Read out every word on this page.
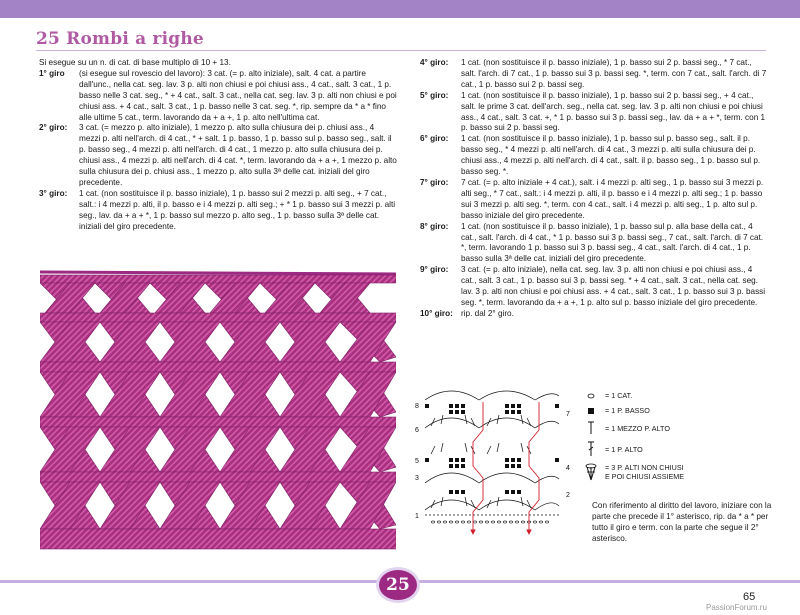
25 Rombi a righe
Si esegue su un n. di cat. di base multiplo di 10 + 13.
1° giro	(si esegue sul rovescio del lavoro): 3 cat. (= p. alto iniziale), salt. 4 cat. a partire dall'unc., nella cat. seg. lav. 3 p. alti non chiusi e poi chiusi ass., 4 cat., salt. 3 cat., 1 p. basso nelle 3 cat. seg., * + 4 cat., salt. 3 cat., nella cat. seg. lav. 3 p. alti non chiusi e poi chiusi ass. + 4 cat., salt. 3 cat., 1 p. basso nelle 3 cat. seg. *, rip. sempre da * a * fino alle ultime 5 cat., term. lavorando da + a +, 1 p. alto nell'ultima cat.
2° giro:	3 cat. (= mezzo p. alto iniziale), 1 mezzo p. alto sulla chiusura dei p. chiusi ass., 4 mezzi p. alti nell'arch. di 4 cat., * + salt. 1 p. basso, 1 p. basso sul p. basso seg., salt. il p. basso seg., 4 mezzi p. alti nell'arch. di 4 cat., 1 mezzo p. alto sulla chiusura dei p. chiusi ass., 4 mezzi p. alti nell'arch. di 4 cat. *, term. lavorando da + a +, 1 mezzo p. alto sulla chiusura dei p. chiusi ass., 1 mezzo p. alto sulla 3ª delle cat. iniziali del giro precedente.
3° giro:	1 cat. (non sostituisce il p. basso iniziale), 1 p. basso sui 2 mezzi p. alti seg., + 7 cat., salt.: i 4 mezzi p. alti, il p. basso e i 4 mezzi p. alti seg.; + * 1 p. basso sui 3 mezzi p. alti seg., lav. da + a + *, 1 p. basso sul mezzo p. alto seg., 1 p. basso sulla 3ª delle cat. iniziali del giro precedente.
4° giro:	1 cat. (non sostituisce il p. basso iniziale), 1 p. basso sui 2 p. bassi seg., * 7 cat., salt. l'arch. di 7 cat., 1 p. basso sui 3 p. bassi seg. *, term. con 7 cat., salt. l'arch. di 7 cat., 1 p. basso sui 2 p. bassi seg.
5° giro:	1 cat. (non sostituisce il p. basso iniziale), 1 p. basso sui 2 p. bassi seg., + 4 cat., salt. le prime 3 cat. dell'arch. seg., nella cat. seg. lav. 3 p. alti non chiusi e poi chiusi ass., 4 cat., salt. 3 cat. +, * 1 p. basso sui 3 p. bassi seg., lav. da + a + *, term. con 1 p. basso sui 2 p. bassi seg.
6° giro:	1 cat. (non sostituisce il p. basso iniziale), 1 p. basso sul p. basso seg., salt. il p. basso seg., * 4 mezzi p. alti nell'arch. di 4 cat., 3 mezzi p. alti sulla chiusura dei p. chiusi ass., 4 mezzi p. alti nell'arch. di 4 cat., salt. il p. basso seg., 1 p. basso sul p. basso seg. *.
7° giro:	7 cat. (= p. alto iniziale + 4 cat.), salt. i 4 mezzi p. alti seg., 1 p. basso sui 3 mezzi p. alti seg., * 7 cat., salt.: i 4 mezzi p. alti, il p. basso e i 4 mezzi p. alti seg.; 1 p. basso sui 3 mezzi p. alti seg. *, term. con 4 cat., salt. i 4 mezzi p. alti seg., 1 p. alto sul p. basso iniziale del giro precedente.
8° giro:	1 cat. (non sostituisce il p. basso iniziale), 1 p. basso sul p. alla base della cat., 4 cat., salt. l'arch. di 4 cat., * 1 p. basso sui 3 p. bassi seg., 7 cat., salt. l'arch. di 7 cat. *, term. lavorando 1 p. basso sui 3 p. bassi seg., 4 cat., salt. l'arch. di 4 cat., 1 p. basso sulla 3ª delle cat. iniziali del giro precedente.
9° giro:	3 cat. (= p. alto iniziale), nella cat. seg. lav. 3 p. alti non chiusi e poi chiusi ass., 4 cat., salt. 3 cat., 1 p. basso sui 3 p. bassi seg. * + 4 cat., salt. 3 cat., nella cat. seg. lav. 3 p. alti non chiusi e poi chiusi ass. + 4 cat., salt. 3 cat., 1 p. basso sui 3 p. bassi seg. *, term. lavorando da + a +, 1 p. alto sul p. basso iniziale del giro precedente.
10° giro: rip. dal 2° giro.
8
7
6
5
4
3
2
1
= 1 CAT.
= 1 P. BASSO
= 1 MEZZO P. ALTO
= 1 P. ALTO
= 3 P. ALTI NON CHIUSI
E POI CHIUSI ASSIEME
Con riferimento al diritto del lavoro, iniziare con la parte che precede il 1° asterisco, rip. da * a * per tutto il giro e term. con la parte che segue il 2° asterisco.
25
65
PassionForum.ru
